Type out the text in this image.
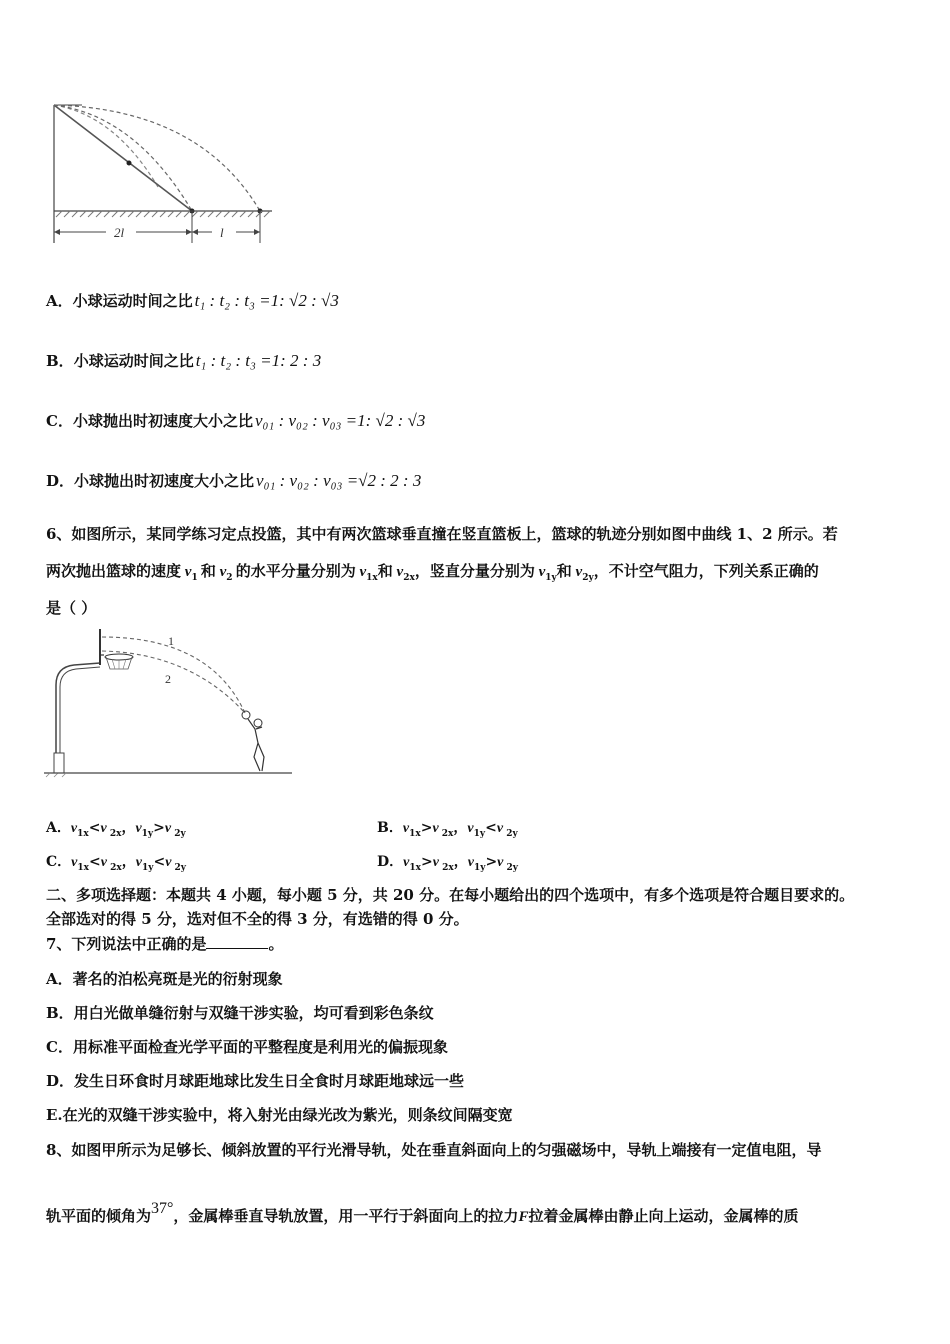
2l	l
A．小球运动时间之比 t₁ : t₂ : t₃ =1: √2 : √3
B．小球运动时间之比 t₁ : t₂ : t₃ =1: 2 : 3
C．小球抛出时初速度大小之比 v₀₁ : v₀₂ : v₀₃ =1: √2 : √3
D．小球抛出时初速度大小之比 v₀₁ : v₀₂ : v₀₃ =√2 : 2 : 3
6、如图所示，某同学练习定点投篮，其中有两次篮球垂直撞在竖直篮板上，篮球的轨迹分别如图中曲线 1、2 所示。若
两次抛出篮球的速度 $v_1$ 和 $v_2$ 的水平分量分别为 $v_{1x}$和 $v_{2x}$，竖直分量分别为 $v_{1y}$和 $v_{2y}$，不计空气阻力，下列关系正确的
是（ ）
1
2
A．$v_{1x}<v$ $_{2x}$，$v_{1y}>v$ $_{2y}$	B．$v_{1x}>v$ $_{2x}$，$v_{1y}<v$ $_{2y}$
C．$v_{1x}<v$ $_{2x}$，$v_{1y}<v$ $_{2y}$	D．$v_{1x}>v$ $_{2x}$，$v_{1y}>v$ $_{2y}$
二、多项选择题：本题共 4 小题，每小题 5 分，共 20 分。在每小题给出的四个选项中，有多个选项是符合题目要求的。
全部选对的得 5 分，选对但不全的得 3 分，有选错的得 0 分。
7、下列说法中正确的是	。
A．著名的泊松亮斑是光的衍射现象
B．用白光做单缝衍射与双缝干涉实验，均可看到彩色条纹
C．用标准平面检查光学平面的平整程度是利用光的偏振现象
D．发生日环食时月球距地球比发生日全食时月球距地球远一些
E.在光的双缝干涉实验中，将入射光由绿光改为紫光，则条纹间隔变宽
8、如图甲所示为足够长、倾斜放置的平行光滑导轨，处在垂直斜面向上的匀强磁场中，导轨上端接有一定值电阻，导
轨平面的倾角为37°，金属棒垂直导轨放置，用一平行于斜面向上的拉力F拉着金属棒由静止向上运动，金属棒的质
